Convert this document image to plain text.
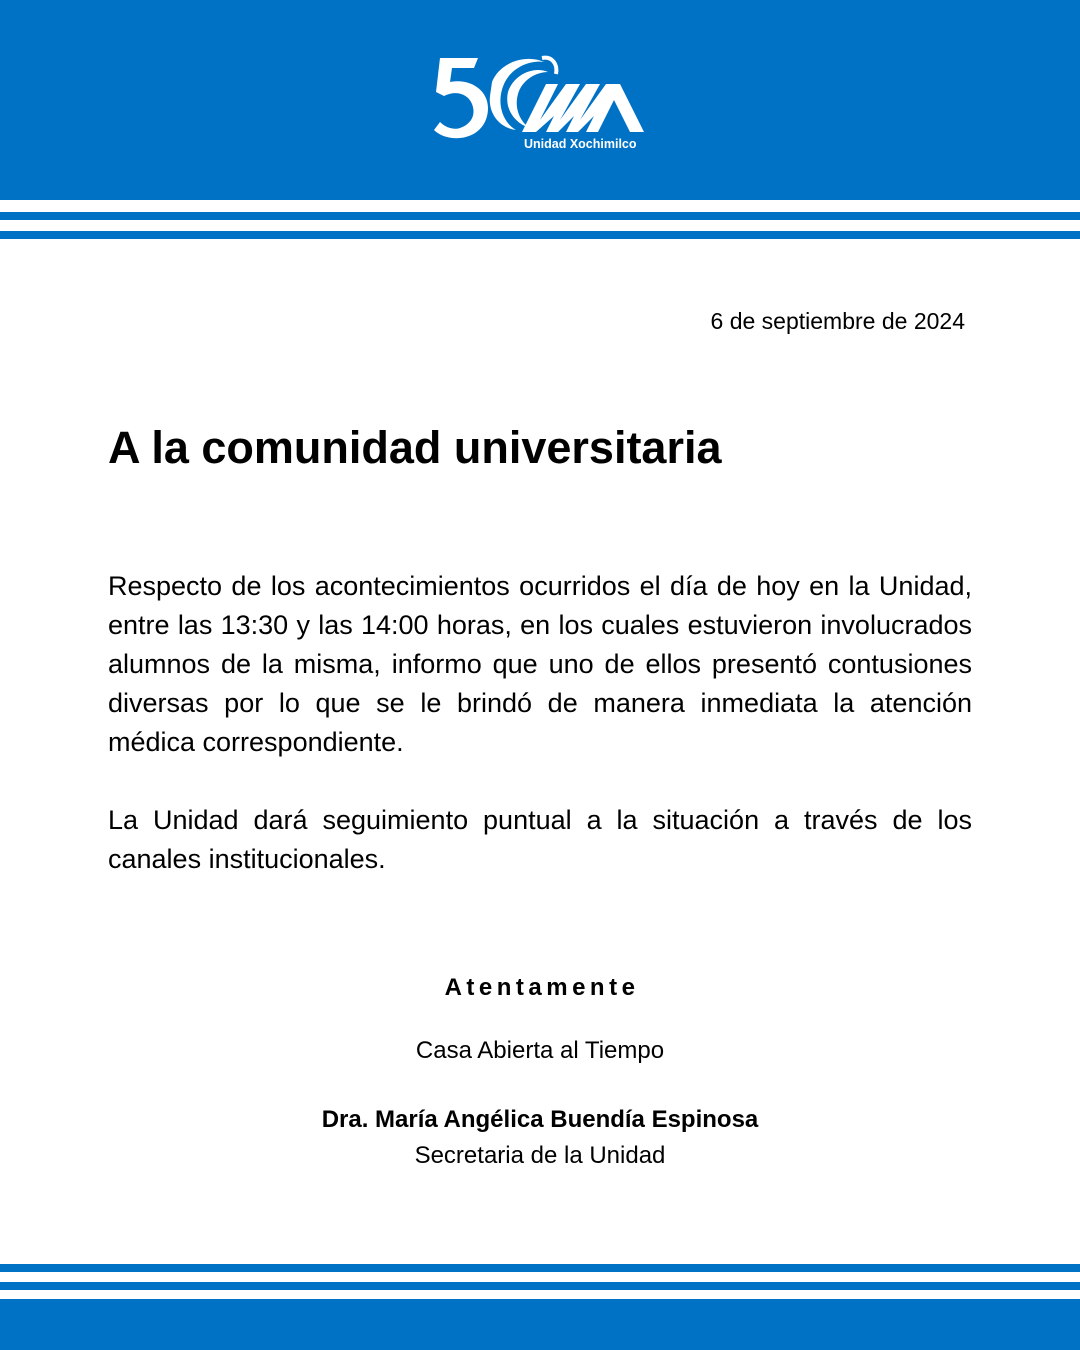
Unidad Xochimilco
6 de septiembre de 2024
A la comunidad universitaria

Respecto de los acontecimientos ocurridos el día de hoy en la Unidad, entre las 13:30 y las 14:00 horas, en los cuales estuvieron involucrados alumnos de la misma, informo que uno de ellos presentó contusiones diversas por lo que se le brindó de manera inmediata la atención médica correspondiente.

La Unidad dará seguimiento puntual a la situación a través de los canales institucionales.

Atentamente

Casa Abierta al Tiempo

Dra. María Angélica Buendía Espinosa

Secretaria de la Unidad
